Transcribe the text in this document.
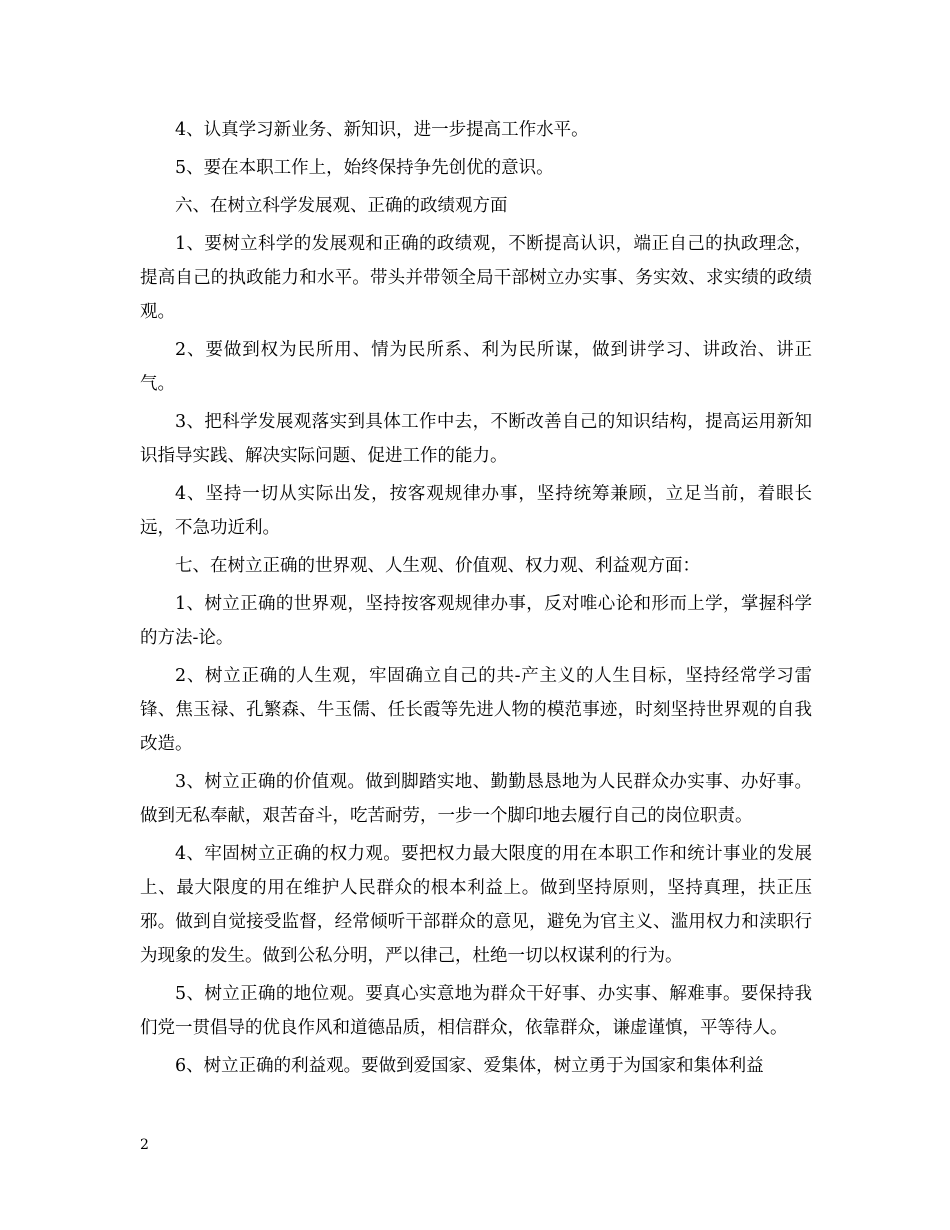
4、认真学习新业务、新知识，进一步提高工作水平。

5、要在本职工作上，始终保持争先创优的意识。

六、在树立科学发展观、正确的政绩观方面

1、要树立科学的发展观和正确的政绩观，不断提高认识，端正自己的执政理念，提高自己的执政能力和水平。带头并带领全局干部树立办实事、务实效、求实绩的政绩观。

2、要做到权为民所用、情为民所系、利为民所谋，做到讲学习、讲政治、讲正气。

3、把科学发展观落实到具体工作中去，不断改善自己的知识结构，提高运用新知识指导实践、解决实际问题、促进工作的能力。

4、坚持一切从实际出发，按客观规律办事，坚持统筹兼顾，立足当前，着眼长远，不急功近利。

七、在树立正确的世界观、人生观、价值观、权力观、利益观方面：

1、树立正确的世界观，坚持按客观规律办事，反对唯心论和形而上学，掌握科学的方法-论。

2、树立正确的人生观，牢固确立自己的共-产主义的人生目标，坚持经常学习雷锋、焦玉禄、孔繁森、牛玉儒、任长霞等先进人物的模范事迹，时刻坚持世界观的自我改造。

3、树立正确的价值观。做到脚踏实地、勤勤恳恳地为人民群众办实事、办好事。做到无私奉献，艰苦奋斗，吃苦耐劳，一步一个脚印地去履行自己的岗位职责。

4、牢固树立正确的权力观。要把权力最大限度的用在本职工作和统计事业的发展上、最大限度的用在维护人民群众的根本利益上。做到坚持原则，坚持真理，扶正压邪。做到自觉接受监督，经常倾听干部群众的意见，避免为官主义、滥用权力和渎职行为现象的发生。做到公私分明，严以律己，杜绝一切以权谋利的行为。

5、树立正确的地位观。要真心实意地为群众干好事、办实事、解难事。要保持我们党一贯倡导的优良作风和道德品质，相信群众，依靠群众，谦虚谨慎，平等待人。

6、树立正确的利益观。要做到爱国家、爱集体，树立勇于为国家和集体利益

2
